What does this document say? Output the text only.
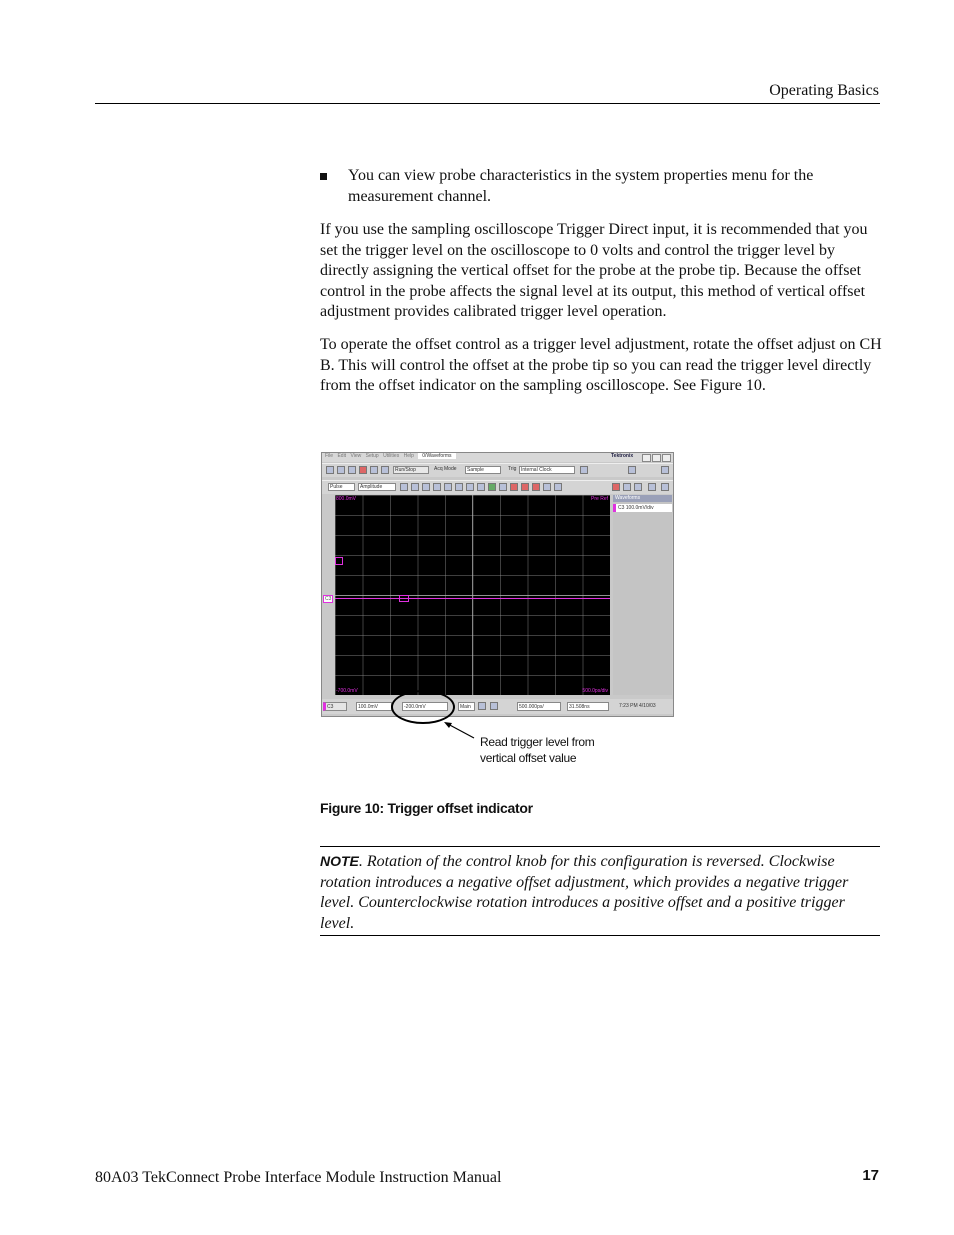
Operating Basics
You can view probe characteristics in the system properties menu for the measurement channel.
If you use the sampling oscilloscope Trigger Direct input, it is recommended that you set the trigger level on the oscilloscope to 0 volts and control the trigger level by directly assigning the vertical offset for the probe at the probe tip. Because the offset control in the probe affects the signal level at its output, this method of vertical offset adjustment provides calibrated trigger level operation.
To operate the offset control as a trigger level adjustment, rotate the offset adjust on CH B. This will control the offset at the probe tip so you can read the trigger level directly from the offset indicator on the sampling oscilloscope. See Figure 10.
File Edit View Setup Utilities Help 0/Waveforms	Tektronix
Run/Stop	Acq Mode	Sample	Trig Internal Clock
Pulse	Amplitude
800.0mV	Pre Ref
-700.0mV	500.0ps/div
C3
Waveforms
C3 100.0mV/div
C3	100.0mV	-200.0mV	Main	500.000ps/	31.508ns	7:23 PM 4/10/03
Read trigger level from vertical offset value
Figure 10: Trigger offset indicator
NOTE. Rotation of the control knob for this configuration is reversed. Clockwise rotation introduces a negative offset adjustment, which provides a negative trigger level. Counterclockwise rotation introduces a positive offset and a positive trigger level.
80A03 TekConnect Probe Interface Module Instruction Manual	17
